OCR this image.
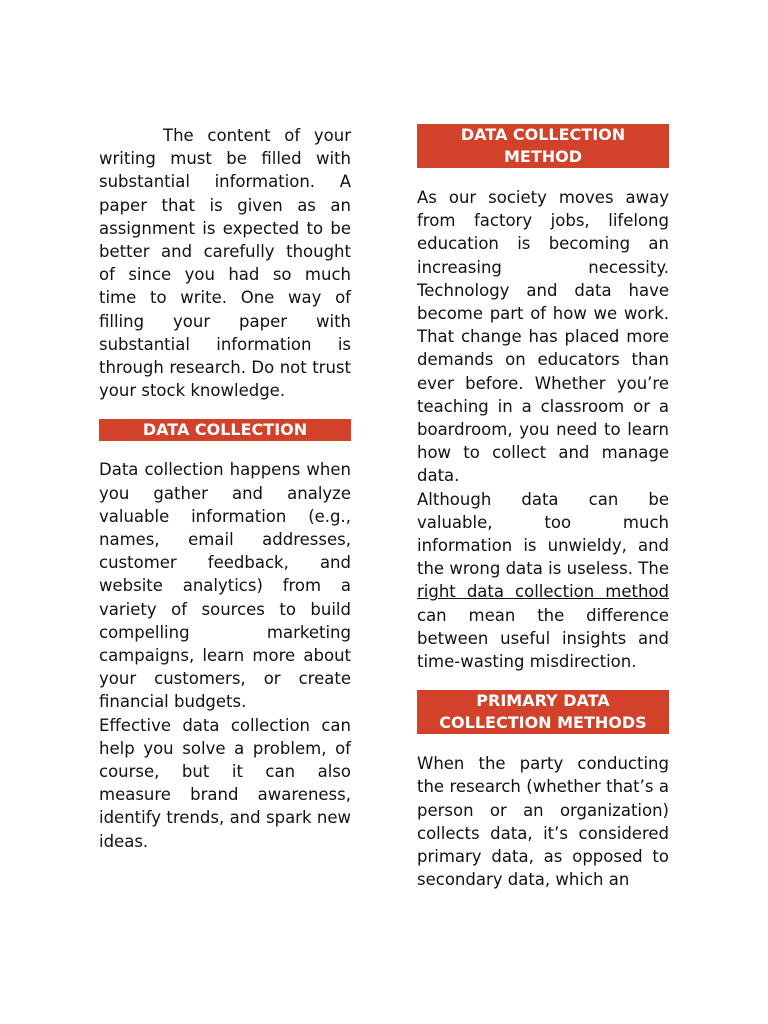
The content of your writing must be filled with substantial information. A paper that is given as an assignment is expected to be better and carefully thought of since you had so much time to write. One way of filling your paper with substantial information is through research. Do not trust your stock knowledge.

DATA COLLECTION

Data collection happens when you gather and analyze valuable information (e.g., names, email addresses, customer feedback, and website analytics) from a variety of sources to build compelling marketing campaigns, learn more about your customers, or create financial budgets.

Effective data collection can help you solve a problem, of course, but it can also measure brand awareness, identify trends, and spark new ideas.

DATA COLLECTION METHOD

As our society moves away from factory jobs, lifelong education is becoming an increasing necessity. Technology and data have become part of how we work. That change has placed more demands on educators than ever before. Whether you’re teaching in a classroom or a boardroom, you need to learn how to collect and manage data.

Although data can be valuable, too much information is unwieldy, and the wrong data is useless. The right data collection method can mean the difference between useful insights and time-wasting misdirection.

PRIMARY DATA COLLECTION METHODS

When the party conducting the research (whether that’s a person or an organization) collects data, it’s considered primary data, as opposed to secondary data, which an
